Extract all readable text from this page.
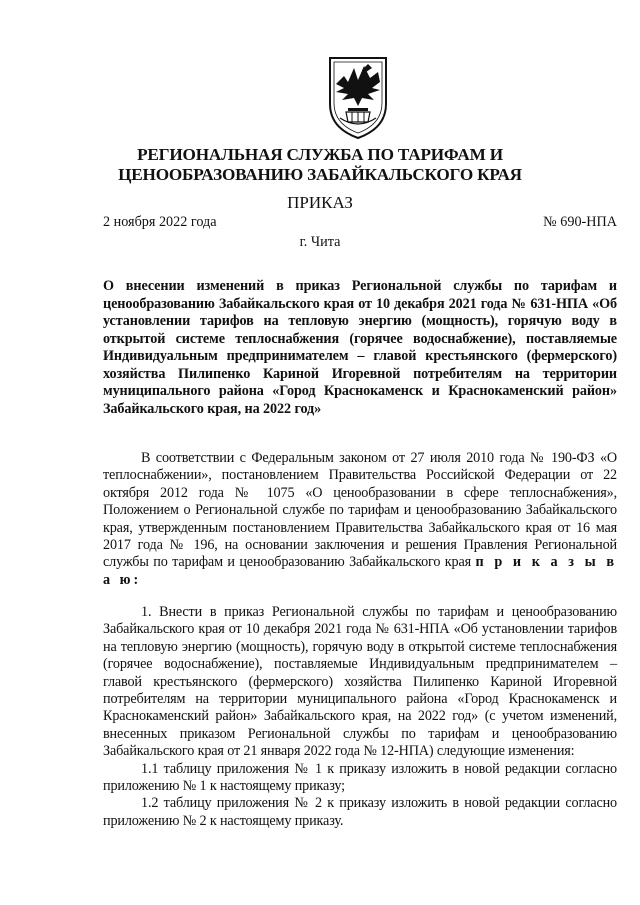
РЕГИОНАЛЬНАЯ СЛУЖБА ПО ТАРИФАМ И
ЦЕНООБРАЗОВАНИЮ ЗАБАЙКАЛЬСКОГО КРАЯ
ПРИКАЗ
2 ноября 2022 года	№ 690-НПА
г. Чита
О внесении изменений в приказ Региональной службы по тарифам и ценообразованию Забайкальского края от 10 декабря 2021 года № 631-НПА «Об установлении тарифов на тепловую энергию (мощность), горячую воду в открытой системе теплоснабжения (горячее водоснабжение), поставляемые Индивидуальным предпринимателем – главой крестьянского (фермерского) хозяйства Пилипенко Кариной Игоревной потребителям на территории муниципального района «Город Краснокаменск и Краснокаменский район» Забайкальского края, на 2022 год»

В соответствии с Федеральным законом от 27 июля 2010 года № 190-ФЗ «О теплоснабжении», постановлением Правительства Российской Федерации от 22 октября 2012 года № 1075 «О ценообразовании в сфере теплоснабжения», Положением о Региональной службе по тарифам и ценообразованию Забайкальского края, утвержденным постановлением Правительства Забайкальского края от 16 мая 2017 года № 196, на основании заключения и решения Правления Региональной службы по тарифам и ценообразованию Забайкальского края п р и к а з ы в а ю:

1. Внести в приказ Региональной службы по тарифам и ценообразованию Забайкальского края от 10 декабря 2021 года № 631-НПА «Об установлении тарифов на тепловую энергию (мощность), горячую воду в открытой системе теплоснабжения (горячее водоснабжение), поставляемые Индивидуальным предпринимателем – главой крестьянского (фермерского) хозяйства Пилипенко Кариной Игоревной потребителям на территории муниципального района «Город Краснокаменск и Краснокаменский район» Забайкальского края, на 2022 год» (с учетом изменений, внесенных приказом Региональной службы по тарифам и ценообразованию Забайкальского края от 21 января 2022 года № 12-НПА) следующие изменения:

1.1 таблицу приложения № 1 к приказу изложить в новой редакции согласно приложению № 1 к настоящему приказу;

1.2 таблицу приложения № 2 к приказу изложить в новой редакции согласно приложению № 2 к настоящему приказу.
